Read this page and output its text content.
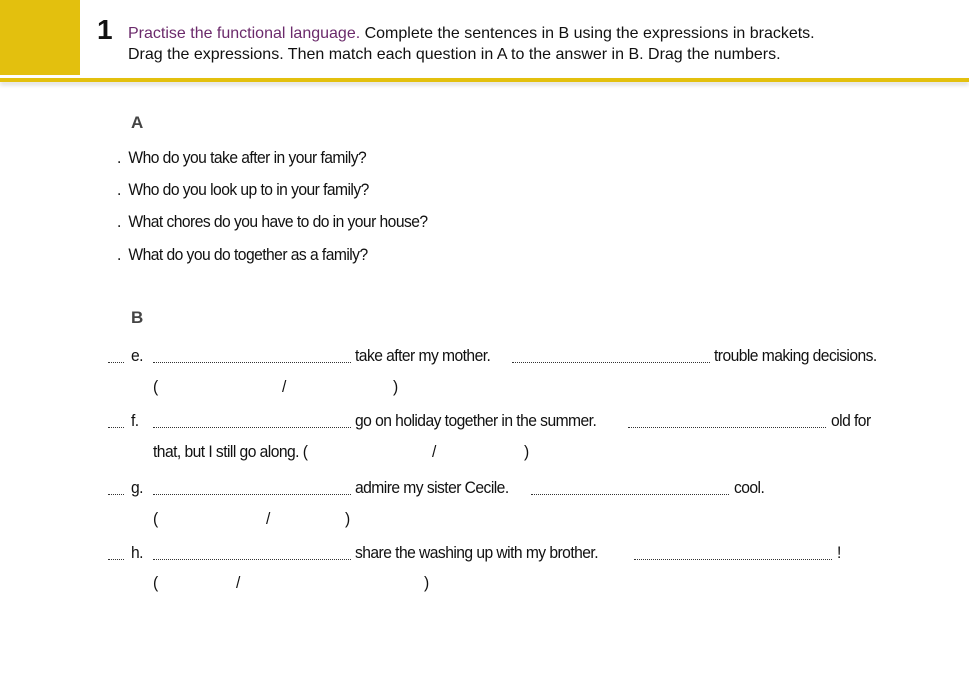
1 Practise the functional language. Complete the sentences in B using the expressions in brackets.
Drag the expressions. Then match each question in A to the answer in B. Drag the numbers.
A
. Who do you take after in your family?
. Who do you look up to in your family?
. What chores do you have to do in your house?
. What do you do together as a family?
B
e.	take after my mother.	trouble making decisions.
(	/	)
f.	go on holiday together in the summer.	old for
that, but I still go along. (	/	)
g.	admire my sister Cecile.	cool.
(	/	)
h.	share the washing up with my brother.	!
(	/	)
